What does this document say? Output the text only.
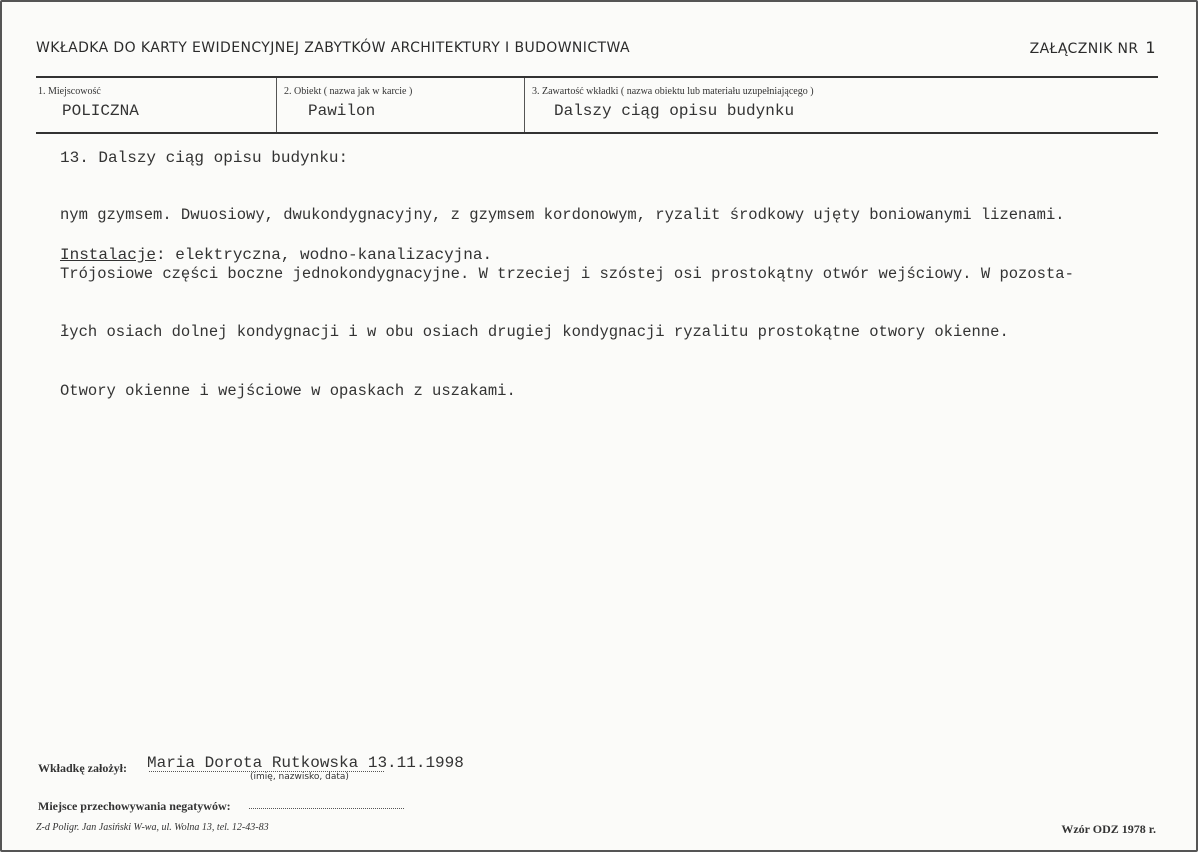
WKŁADKA DO KARTY EWIDENCYJNEJ ZABYTKÓW ARCHITEKTURY I BUDOWNICTWA	ZAŁĄCZNIK NR 1
1. Miejscowość
POLICZNA
2. Obiekt ( nazwa jak w karcie )
Pawilon
3. Zawartość wkładki ( nazwa obiektu lub materiału uzupełniającego )
Dalszy ciąg opisu budynku
13. Dalszy ciąg opisu budynku:

nym gzymsem. Dwuosiowy, dwukondygnacyjny, z gzymsem kordonowym, ryzalit środkowy ujęty boniowanymi lizenami.

Trójosiowe części boczne jednokondygnacyjne. W trzeciej i szóstej osi prostokątny otwór wejściowy. W pozosta-

łych osiach dolnej kondygnacji i w obu osiach drugiej kondygnacji ryzalitu prostokątne otwory okienne.

Otwory okienne i wejściowe w opaskach z uszakami.

Instalacje: elektryczna, wodno-kanalizacyjna.
Wkładkę założył: Maria Dorota Rutkowska 13.11.1998
(imię, nazwisko, data)
Miejsce przechowywania negatywów:
Z-d Poligr. Jan Jasiński W-wa, ul. Wolna 13, tel. 12-43-83	Wzór ODZ 1978 r.
